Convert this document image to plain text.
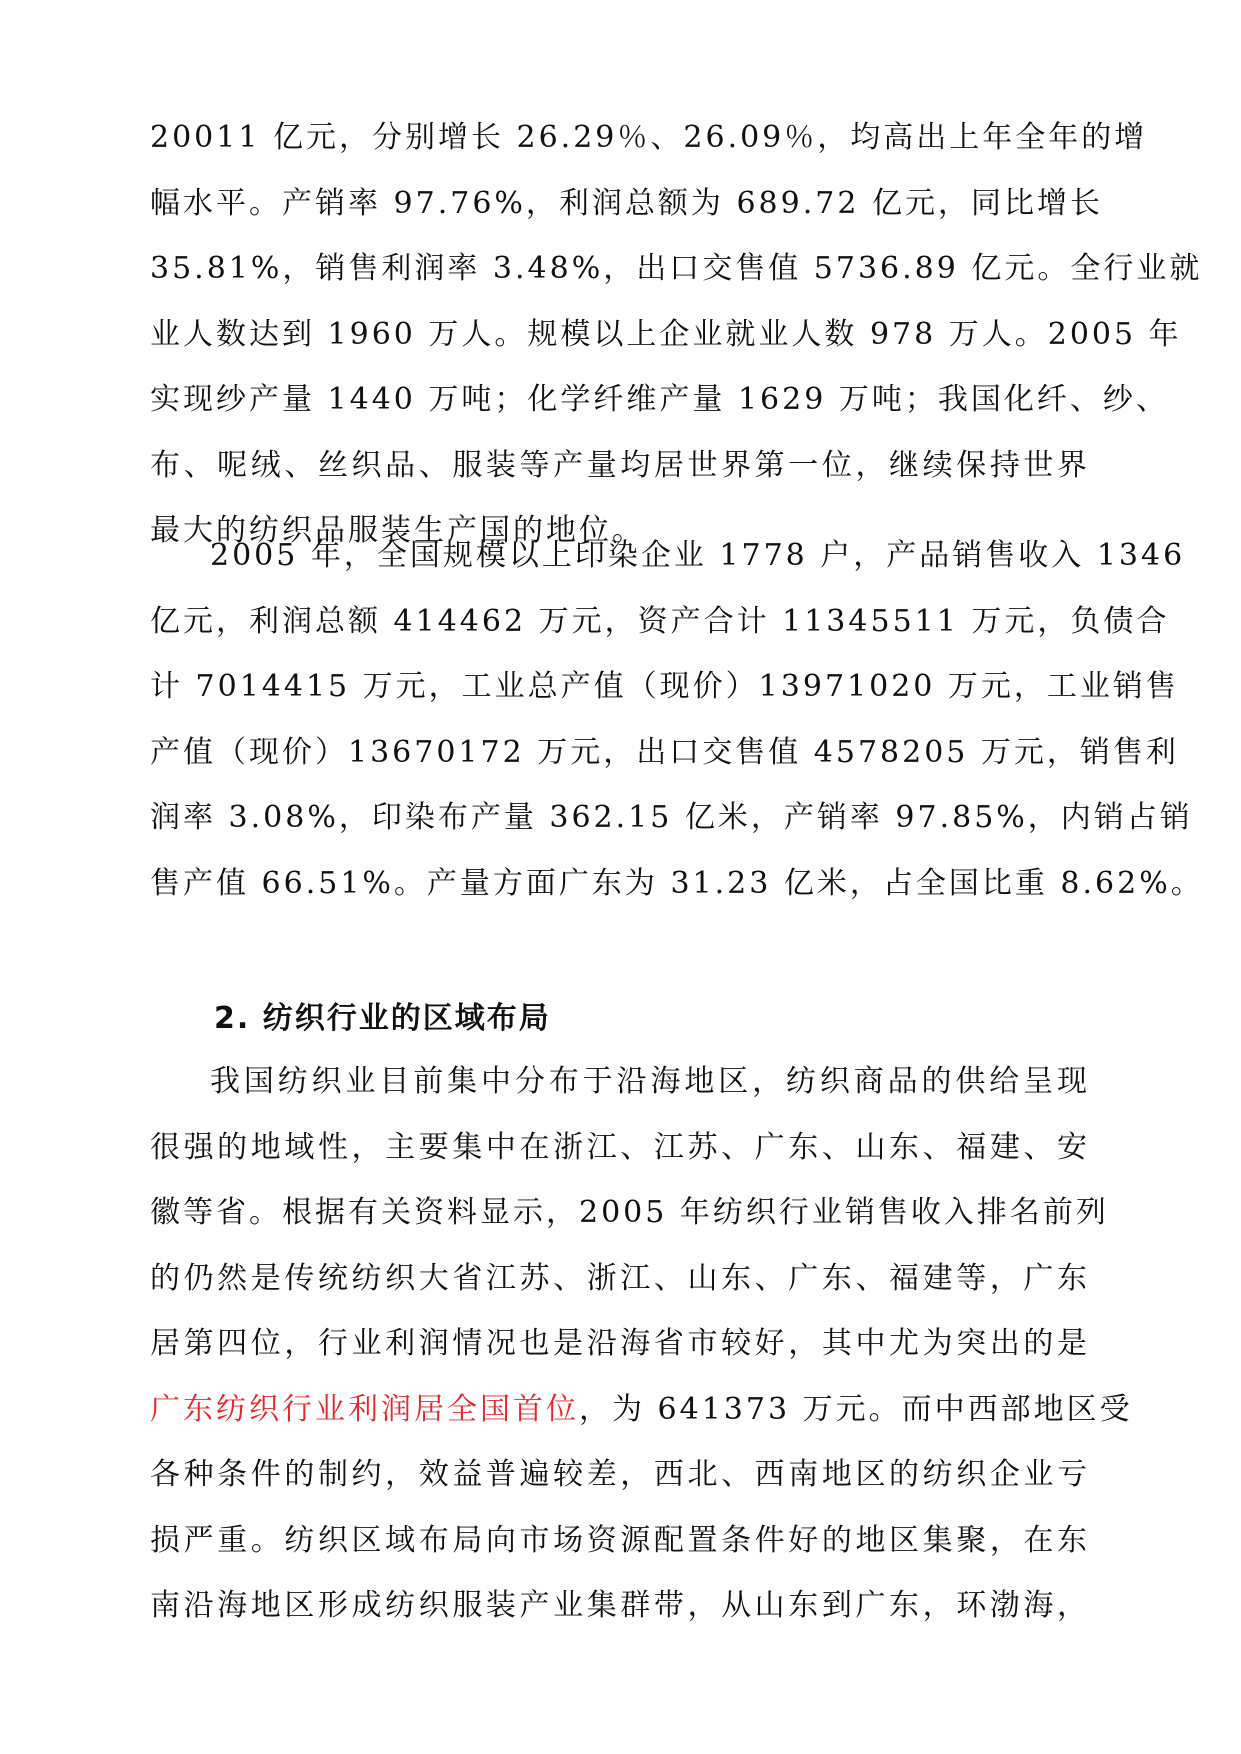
20011 亿元，分别增长 26.29％、26.09％，均高出上年全年的增
幅水平。产销率 97.76%，利润总额为 689.72 亿元，同比增长
35.81%，销售利润率 3.48%，出口交售值 5736.89 亿元。全行业就
业人数达到 1960 万人。规模以上企业就业人数 978 万人。2005 年
实现纱产量 1440 万吨；化学纤维产量 1629 万吨；我国化纤、纱、
布、呢绒、丝织品、服装等产量均居世界第一位，继续保持世界
最大的纺织品服装生产国的地位。
2005 年，全国规模以上印染企业 1778 户，产品销售收入 1346
亿元，利润总额 414462 万元，资产合计 11345511 万元，负债合
计 7014415 万元，工业总产值（现价）13971020 万元，工业销售
产值（现价）13670172 万元，出口交售值 4578205 万元，销售利
润率 3.08%，印染布产量 362.15 亿米，产销率 97.85%，内销占销
售产值 66.51%。产量方面广东为 31.23 亿米，占全国比重 8.62%。
2. 纺织行业的区域布局
我国纺织业目前集中分布于沿海地区，纺织商品的供给呈现
很强的地域性，主要集中在浙江、江苏、广东、山东、福建、安
徽等省。根据有关资料显示，2005 年纺织行业销售收入排名前列
的仍然是传统纺织大省江苏、浙江、山东、广东、福建等，广东
居第四位，行业利润情况也是沿海省市较好，其中尤为突出的是
广东纺织行业利润居全国首位，为 641373 万元。而中西部地区受
各种条件的制约，效益普遍较差，西北、西南地区的纺织企业亏
损严重。纺织区域布局向市场资源配置条件好的地区集聚，在东
南沿海地区形成纺织服装产业集群带，从山东到广东，环渤海，
